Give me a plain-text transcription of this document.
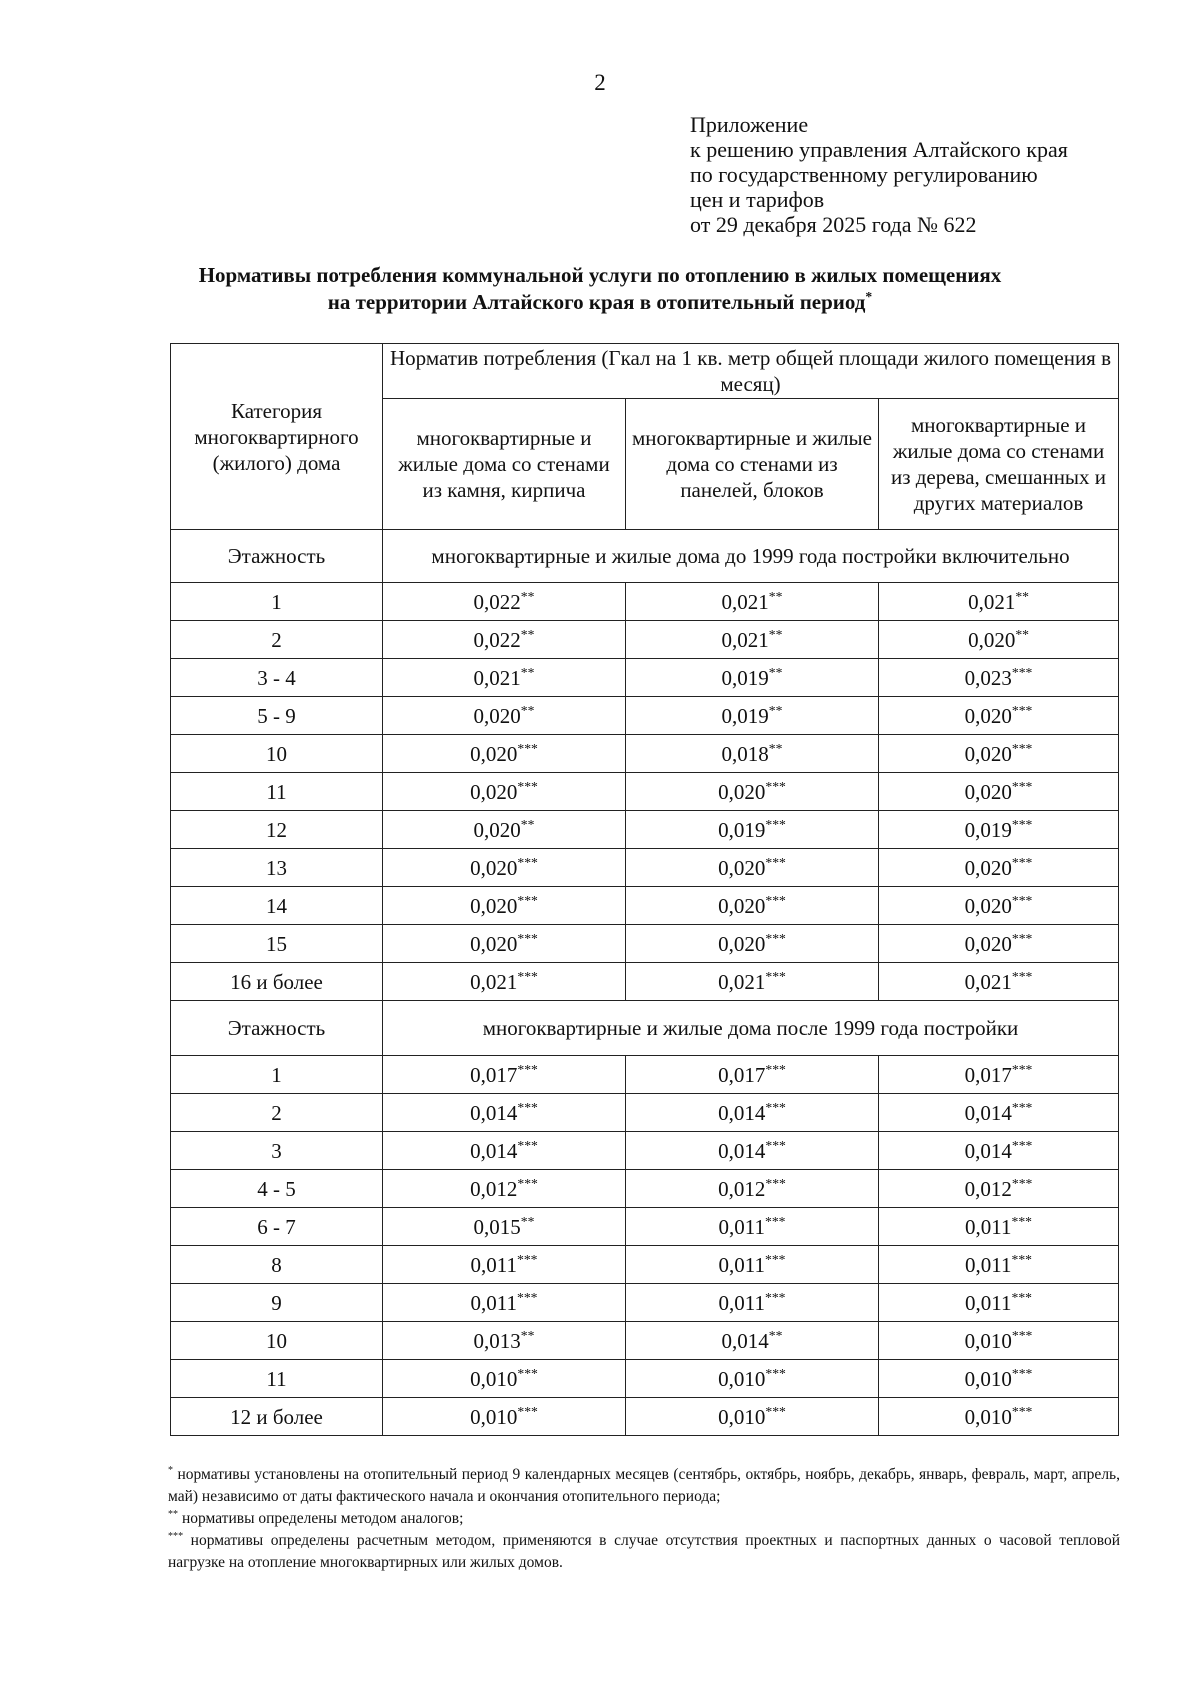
2
Приложение
к решению управления Алтайского края
по государственному регулированию
цен и тарифов
от 29 декабря 2025 года № 622
Нормативы потребления коммунальной услуги по отоплению в жилых помещениях
на территории Алтайского края в отопительный период*
Категория многоквартирного (жилого) дома	Норматив потребления (Гкал на 1 кв. метр общей площади жилого помещения в месяц)		
	многоквартирные и жилые дома со стенами из камня, кирпича	многоквартирные и жилые дома со стенами из панелей, блоков	многоквартирные и жилые дома со стенами из дерева, смешанных и других материалов
Этажность	многоквартирные и жилые дома до 1999 года постройки включительно		
1	0,022**	0,021**	0,021**
2	0,022**	0,021**	0,020**
3 - 4	0,021**	0,019**	0,023***
5 - 9	0,020**	0,019**	0,020***
10	0,020***	0,018**	0,020***
11	0,020***	0,020***	0,020***
12	0,020**	0,019***	0,019***
13	0,020***	0,020***	0,020***
14	0,020***	0,020***	0,020***
15	0,020***	0,020***	0,020***
16 и более	0,021***	0,021***	0,021***
Этажность	многоквартирные и жилые дома после 1999 года постройки		
1	0,017***	0,017***	0,017***
2	0,014***	0,014***	0,014***
3	0,014***	0,014***	0,014***
4 - 5	0,012***	0,012***	0,012***
6 - 7	0,015**	0,011***	0,011***
8	0,011***	0,011***	0,011***
9	0,011***	0,011***	0,011***
10	0,013**	0,014**	0,010***
11	0,010***	0,010***	0,010***
12 и более	0,010***	0,010***	0,010***

* нормативы установлены на отопительный период 9 календарных месяцев (сентябрь, октябрь, ноябрь, декабрь, январь, февраль, март, апрель, май) независимо от даты фактического начала и окончания отопительного периода;

** нормативы определены методом аналогов;

*** нормативы определены расчетным методом, применяются в случае отсутствия проектных и паспортных данных о часовой тепловой нагрузке на отопление многоквартирных или жилых домов.
